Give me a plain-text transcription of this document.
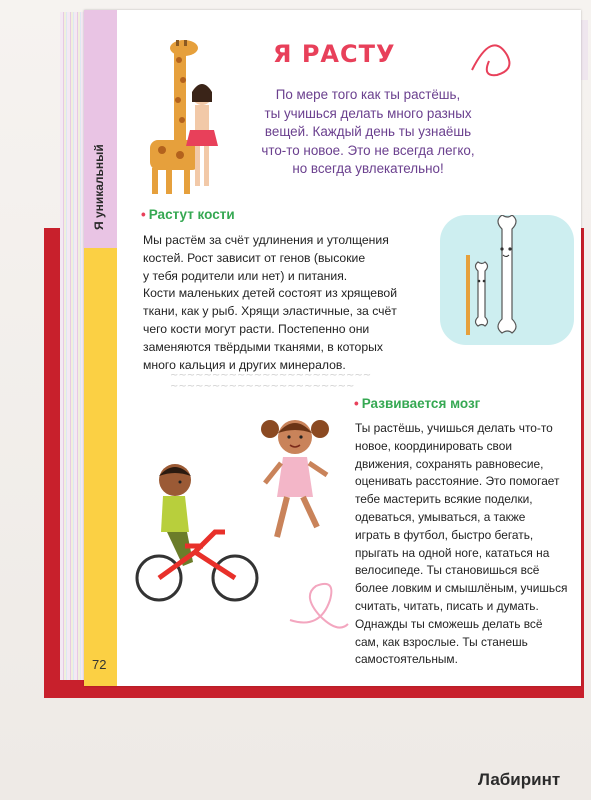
Я уникальный
72
Я РАСТУ
По мере того как ты растёшь,
ты учишься делать много разных
вещей. Каждый день ты узнаёшь
что-то новое. Это не всегда легко,
но всегда увлекательно!
• Растут кости
Мы растём за счёт удлинения и утолщения
костей. Рост зависит от генов (высокие
у тебя родители или нет) и питания.
Кости маленьких детей состоят из хрящевой
ткани, как у рыб. Хрящи эластичные, за счёт
чего кости могут расти. Постепенно они
заменяются твёрдыми тканями, в которых
много кальция и других минералов.
~~~~~~~~~~~~~~~~~~~~~~~~
~~~~~~~~~~~~~~~~~~~~~~
• Развивается мозг
Ты растёшь, учишься делать что-то
новое, координировать свои
движения, сохранять равновесие,
оценивать расстояние. Это помогает
тебе мастерить всякие поделки,
одеваться, умываться, а также
играть в футбол, быстро бегать,
прыгать на одной ноге, кататься на
велосипеде. Ты становишься всё
более ловким и смышлёным, учишься
считать, читать, писать и думать.
Однажды ты сможешь делать всё
сам, как взрослые. Ты станешь
самостоятельным.
Лабиринт
